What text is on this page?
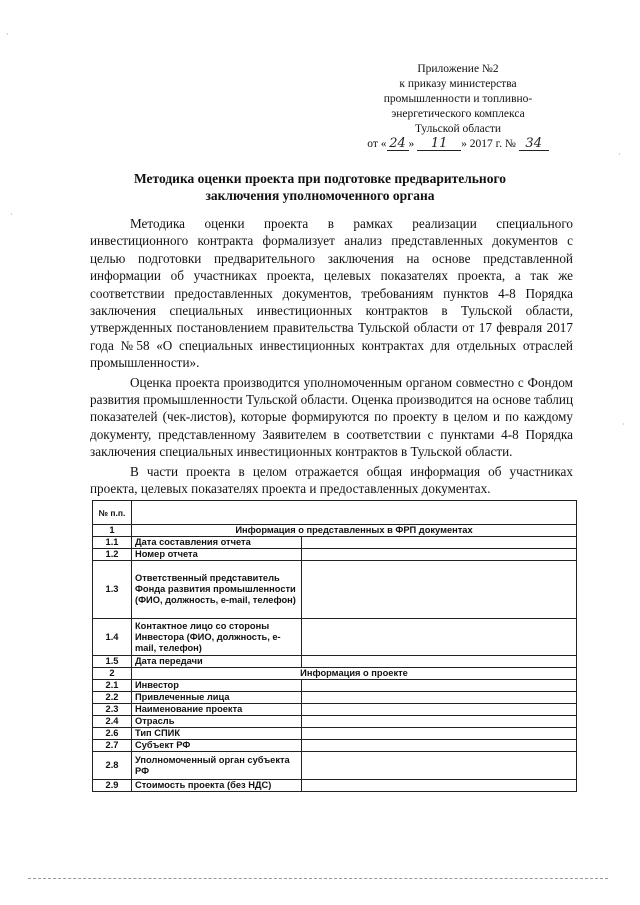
Приложение №2
к приказу министерства
промышленности и топливно-
энергетического комплекса
Тульской области
от « 24 » 11 » 2017 г. № 34
Методика оценки проекта при подготовке предварительного
заключения уполномоченного органа

Методика оценки проекта в рамках реализации специального инвестиционного контракта формализует анализ представленных документов с целью подготовки предварительного заключения на основе представленной информации об участниках проекта, целевых показателях проекта, а так же соответствии предоставленных документов, требованиям пунктов 4-8 Порядка заключения специальных инвестиционных контрактов в Тульской области, утвержденных постановлением правительства Тульской области от 17 февраля 2017 года №58 «О специальных инвестиционных контрактах для отдельных отраслей промышленности».

Оценка проекта производится уполномоченным органом совместно с Фондом развития промышленности Тульской области. Оценка производится на основе таблиц показателей (чек-листов), которые формируются по проекту в целом и по каждому документу, представленному Заявителем в соответствии с пунктами 4-8 Порядка заключения специальных инвестиционных контрактов в Тульской области.

В части проекта в целом отражается общая информация об участниках проекта, целевых показателях проекта и предоставленных документах.

№ п.п.		
1	Информация о представленных в ФРП документах	
1.1	Дата составления отчета	
1.2	Номер отчета	
1.3	Ответственный представитель Фонда развития промышленности (ФИО, должность, e-mail, телефон)	
1.4	Контактное лицо со стороны Инвестора (ФИО, должность, e-mail, телефон)	
1.5	Дата передачи	
2	Информация о проекте	
2.1	Инвестор	
2.2	Привлеченные лица	
2.3	Наименование проекта	
2.4	Отрасль	
2.6	Тип СПИК	
2.7	Субъект РФ	
2.8	Уполномоченный орган субъекта РФ	
2.9	Стоимость проекта (без НДС)	
·
·
·
·
